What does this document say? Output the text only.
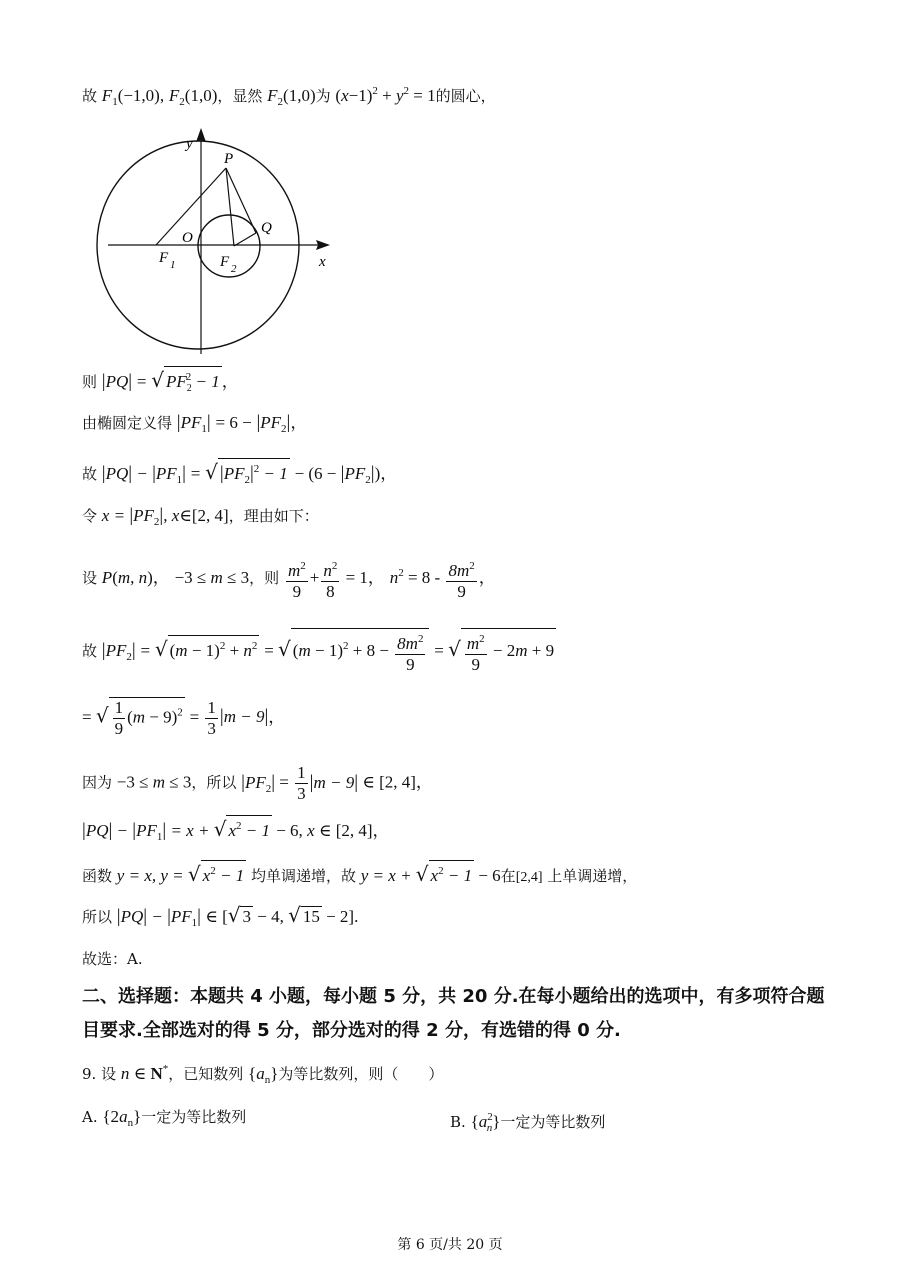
故 $F_1(-1,0)$, $F_2(1,0)$，显然 $F_2(1,0)$为 $(x-1)^2 + y^2 = 1$的圆心，
y
P
Q
O
F 1	F 2	x
则 |PQ| = √ $PF_2^2 - 1$ ，
由椭圆定义得 $|PF_1| = 6 - |PF_2|$，
故 $|PQ| - |PF_1|$ = √ $|PF_2|^2 - 1 - (6 - |PF_2|)$，
令 $x = |PF_2|$, x∈[2, 4]，理由如下：
设 P(m, n)， −3 ≤ m ≤ 3，则 $\frac{m^2}{9} + \frac{n^2}{8} = 1$， $n^2 = 8 - \frac{8m^2}{9}$ ，
故 $|PF_2|$ = √ $(m - 1)^2 + n^2$ = √ $(m - 1)^2 + 8 - \frac{8m^2}{9}$ = √ $\frac{m^2}{9} - 2m + 9$
= √ $\frac{1}{9} (m - 9)^2 = \frac{1}{3} |m - 9|$，
因为 −3 ≤ m ≤ 3，所以 $|PF_2| = \frac{1}{3} |m - 9|$ ∈ [2, 4]，
$|PQ| - |PF_1| = x$ + √ $x^2 - 1 - 6$, x ∈ [2, 4]，
函数 y = x, y = √ $x^2 - 1$ 均单调递增，故 y = x + √ $x^2 - 1 - 6$在[2,4] 上单调递增，
所以 $|PQ| - |PF_1|$ ∈ [√ 3 − 4, √ 15 − 2].
故选：A.
二、选择题：本题共 4 小题，每小题 5 分，共 20 分.在每小题给出的选项中，有多项符合题目要求.全部选对的得 5 分，部分选对的得 2 分，有选错的得 0 分.
9. 设 n ∈ N*，已知数列 $\{a_n\}$为等比数列，则（　　）
A. $\{2a_n\}$一定为等比数列	B. $\{a^2_n\}$一定为等比数列
第 6 页/共 20 页
